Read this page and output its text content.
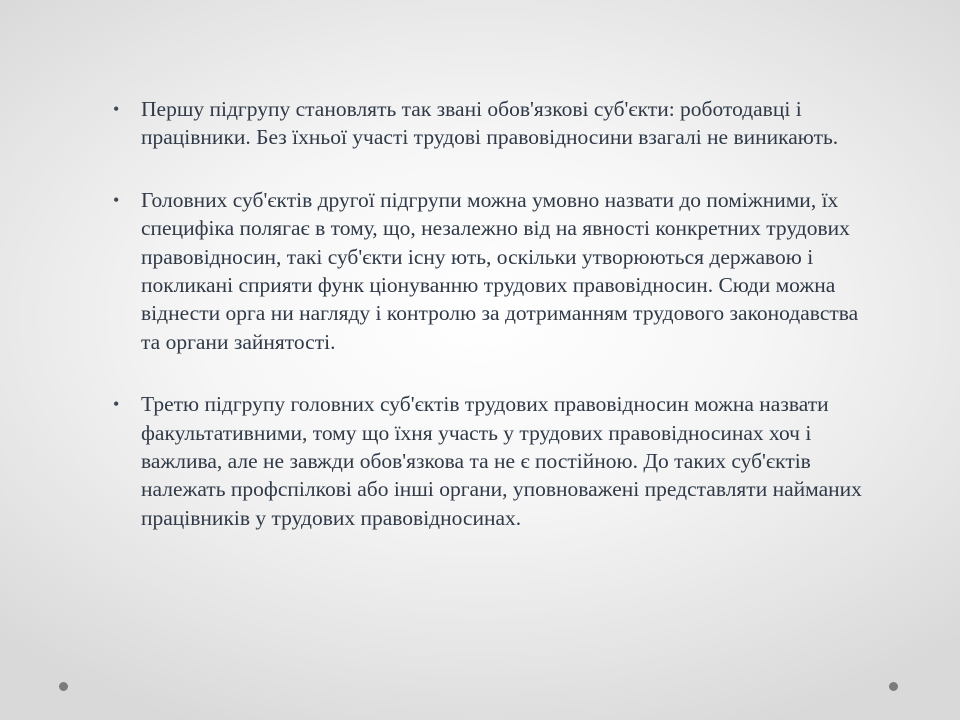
• Першу підгрупу становлять так звані обов'язкові суб'єкти: роботодавці і працівники. Без їхньої участі трудові правовідносини взагалі не виникають.
• Головних суб'єктів другої підгрупи можна умовно назвати до поміжними, їх специфіка полягає в тому, що, незалежно від на явності конкретних трудових правовідносин, такі суб'єкти існу ють, оскільки утворюються державою і покликані сприяти функ ціонуванню трудових правовідносин. Сюди можна віднести орга ни нагляду і контролю за дотриманням трудового законодавства та органи зайнятості.
• Третю підгрупу головних суб'єктів трудових правовідносин можна назвати факультативними, тому що їхня участь у трудових правовідносинах хоч і важлива, але не завжди обов'язкова та не є постійною. До таких суб'єктів належать профспілкові або інші органи, уповноважені представляти найманих працівників у трудових правовідносинах.
